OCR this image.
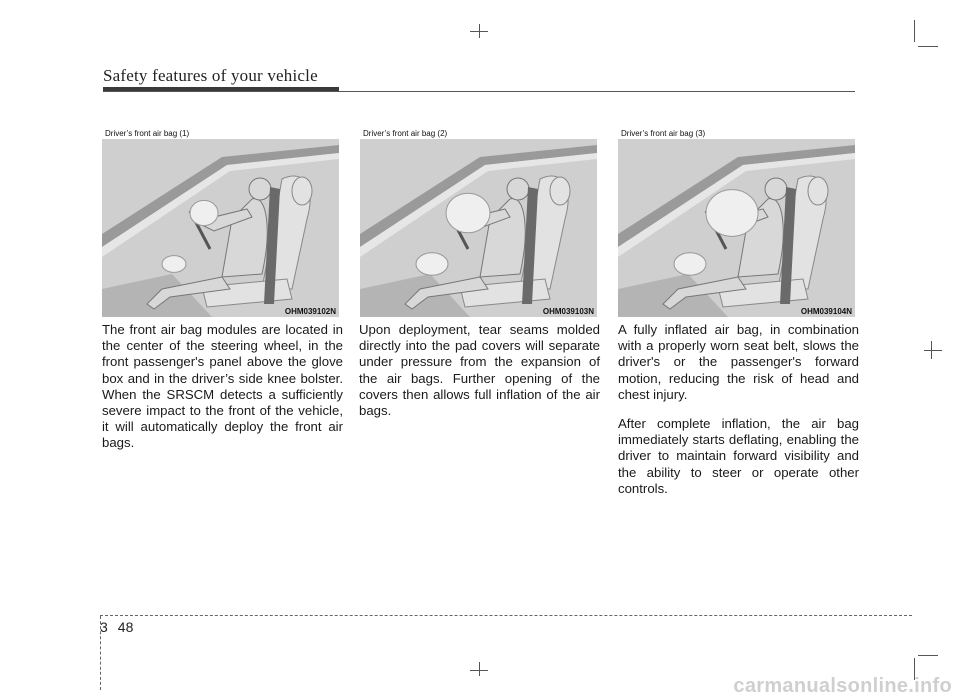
Safety features of your vehicle
Driver’s front air bag (1)
OHM039102N
Driver’s front air bag (2)
OHM039103N
Driver’s front air bag (3)
OHM039104N

The front air bag modules are located in the center of the steering wheel, in the front passenger's panel above the glove box and in the driver’s side knee bolster. When the SRSCM detects a sufficiently severe impact to the front of the vehicle, it will automatically deploy the front air bags.

Upon deployment, tear seams molded directly into the pad covers will separate under pressure from the expansion of the air bags. Further opening of the covers then allows full inflation of the air bags.

A fully inflated air bag, in combination with a properly worn seat belt, slows the driver's or the passenger's forward motion, reducing the risk of head and chest injury.

After complete inflation, the air bag immediately starts deflating, enabling the driver to maintain forward visibility and the ability to steer or operate other controls.

3 48
carmanualsonline.info
